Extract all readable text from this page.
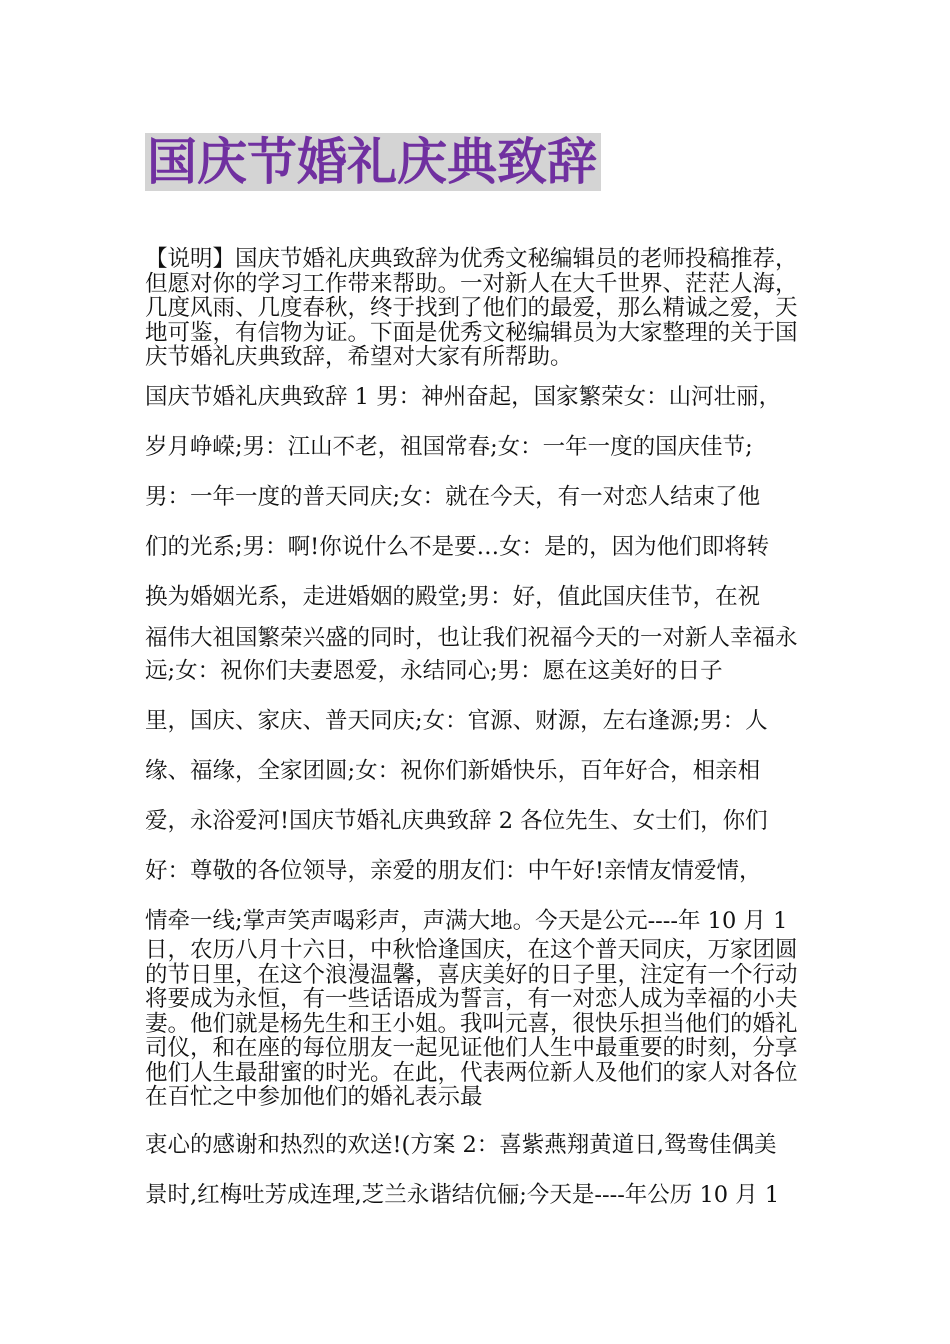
国庆节婚礼庆典致辞
【说明】国庆节婚礼庆典致辞为优秀文秘编辑员的老师投稿推荐，但愿对你的学习工作带来帮助。一对新人在大千世界、茫茫人海，几度风雨、几度春秋，终于找到了他们的最爱，那么精诚之爱，天地可鉴，有信物为证。下面是优秀文秘编辑员为大家整理的关于国庆节婚礼庆典致辞，希望对大家有所帮助。
国庆节婚礼庆典致辞 1 男：神州奋起，国家繁荣女：山河壮丽，
岁月峥嵘;男：江山不老，祖国常春;女：一年一度的国庆佳节;
男：一年一度的普天同庆;女：就在今天，有一对恋人结束了他
们的光系;男：啊!你说什么不是要…女：是的，因为他们即将转
换为婚姻光系，走进婚姻的殿堂;男：好，值此国庆佳节，在祝
福伟大祖国繁荣兴盛的同时，也让我们祝福今天的一对新人幸福永远;女：祝你们夫妻恩爱，永结同心;男：愿在这美好的日子
里，国庆、家庆、普天同庆;女：官源、财源，左右逢源;男：人
缘、福缘，全家团圆;女：祝你们新婚快乐，百年好合，相亲相
爱，永浴爱河!国庆节婚礼庆典致辞 2 各位先生、女士们，你们
好：尊敬的各位领导，亲爱的朋友们：中午好!亲情友情爱情，
情牵一线;掌声笑声喝彩声，声满大地。今天是公元----年 10 月 1
日，农历八月十六日，中秋恰逢国庆，在这个普天同庆，万家团圆的节日里，在这个浪漫温馨，喜庆美好的日子里，注定有一个行动将要成为永恒，有一些话语成为誓言，有一对恋人成为幸福的小夫妻。他们就是杨先生和王小姐。我叫元喜，很快乐担当他们的婚礼司仪，和在座的每位朋友一起见证他们人生中最重要的时刻，分享他们人生最甜蜜的时光。在此，代表两位新人及他们的家人对各位在百忙之中参加他们的婚礼表示最
衷心的感谢和热烈的欢送!(方案 2：喜紫燕翔黄道日,鸳鸯佳偶美
景时,红梅吐芳成连理,芝兰永谐结伉俪;今天是----年公历 10 月 1
